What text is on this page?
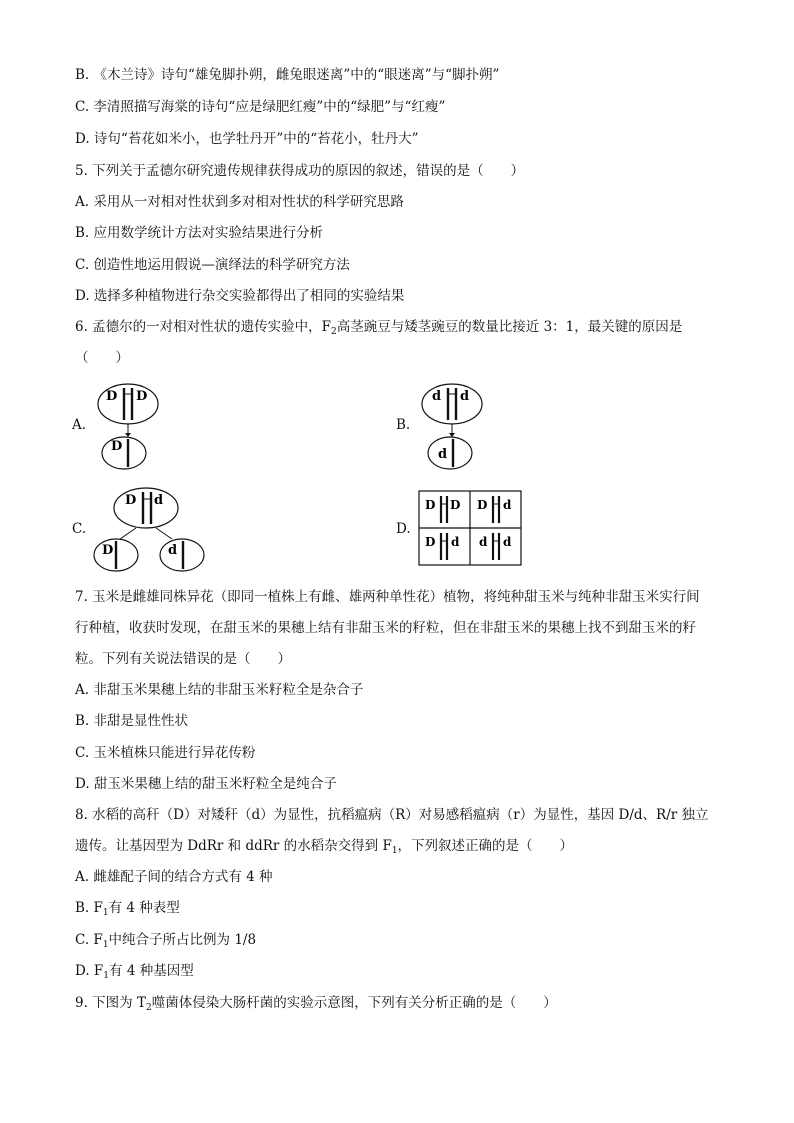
B. 《木兰诗》诗句“雄兔脚扑朔，雌兔眼迷离”中的“眼迷离”与“脚扑朔”
C. 李清照描写海棠的诗句“应是绿肥红瘦”中的“绿肥”与“红瘦”
D. 诗句“苔花如米小，也学牡丹开”中的“苔花小，牡丹大”
5. 下列关于孟德尔研究遗传规律获得成功的原因的叙述，错误的是（　　）
A. 采用从一对相对性状到多对相对性状的科学研究思路
B. 应用数学统计方法对实验结果进行分析
C. 创造性地运用假说—演绎法的科学研究方法
D. 选择多种植物进行杂交实验都得出了相同的实验结果
6. 孟德尔的一对相对性状的遗传实验中，$F_2$高茎豌豆与矮茎豌豆的数量比接近 3：1，最关键的原因是
（　　）
A.
D D
D
B.
d d
d
C.
D d
D	d
D.
D D D d
D d d d
7. 玉米是雌雄同株异花（即同一植株上有雌、雄两种单性花）植物，将纯种甜玉米与纯种非甜玉米实行间
行种植，收获时发现，在甜玉米的果穗上结有非甜玉米的籽粒，但在非甜玉米的果穗上找不到甜玉米的籽
粒。下列有关说法错误的是（　　）
A. 非甜玉米果穗上结的非甜玉米籽粒全是杂合子
B. 非甜是显性性状
C. 玉米植株只能进行异花传粉
D. 甜玉米果穗上结的甜玉米籽粒全是纯合子
8. 水稻的高秆（D）对矮秆（d）为显性，抗稻瘟病（R）对易感稻瘟病（r）为显性，基因 D/d、R/r 独立
遗传。让基因型为 DdRr 和 ddRr 的水稻杂交得到 $F_1$，下列叙述正确的是（　　）
A. 雌雄配子间的结合方式有 4 种
B. $F_1$有 4 种表型
C. $F_1$中纯合子所占比例为 1/8
D. $F_1$有 4 种基因型
9. 下图为 $T_2$噬菌体侵染大肠杆菌的实验示意图，下列有关分析正确的是（　　）
